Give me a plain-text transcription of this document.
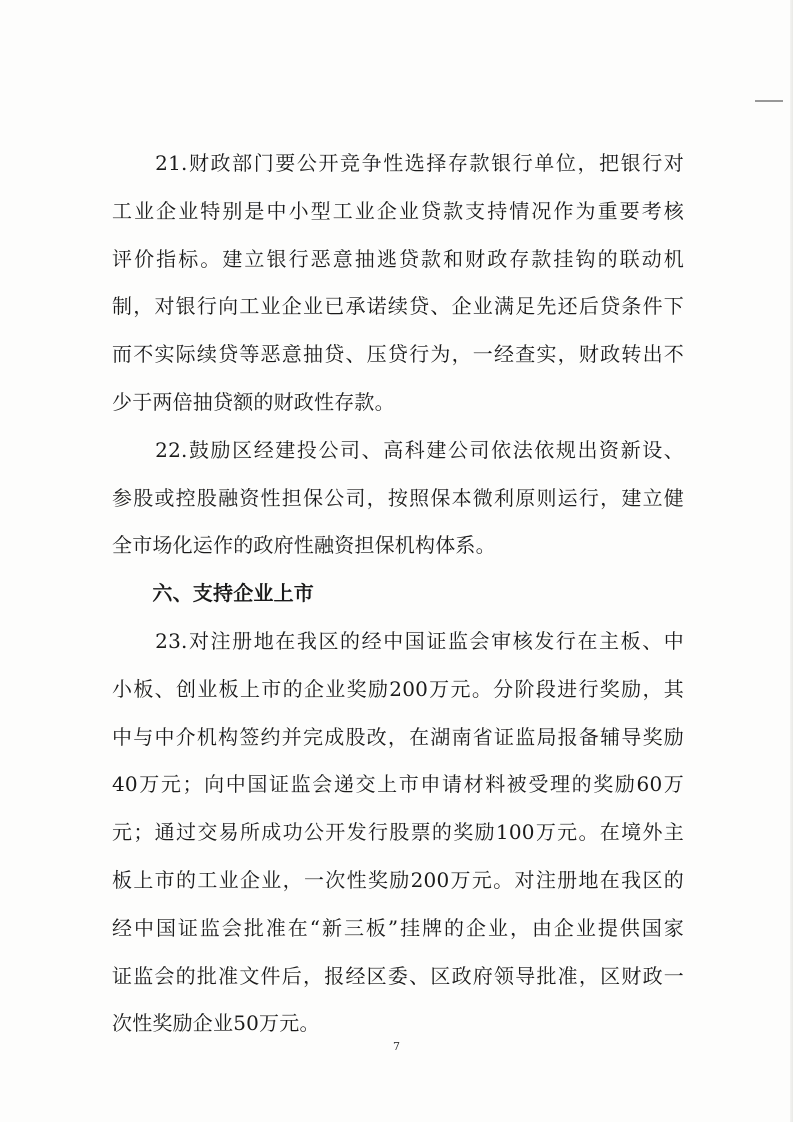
　　21.财政部门要公开竞争性选择存款银行单位，把银行对
工业企业特别是中小型工业企业贷款支持情况作为重要考核
评价指标。建立银行恶意抽逃贷款和财政存款挂钩的联动机
制，对银行向工业企业已承诺续贷、企业满足先还后贷条件下
而不实际续贷等恶意抽贷、压贷行为，一经查实，财政转出不
少于两倍抽贷额的财政性存款。
　　22.鼓励区经建投公司、高科建公司依法依规出资新设、
参股或控股融资性担保公司，按照保本微利原则运行，建立健
全市场化运作的政府性融资担保机构体系。
　　六、支持企业上市
　　23.对注册地在我区的经中国证监会审核发行在主板、中
小板、创业板上市的企业奖励200万元。分阶段进行奖励，其
中与中介机构签约并完成股改，在湖南省证监局报备辅导奖励
40万元；向中国证监会递交上市申请材料被受理的奖励60万
元；通过交易所成功公开发行股票的奖励100万元。在境外主
板上市的工业企业，一次性奖励200万元。对注册地在我区的
经中国证监会批准在“新三板”挂牌的企业，由企业提供国家
证监会的批准文件后，报经区委、区政府领导批准，区财政一
次性奖励企业50万元。
7
